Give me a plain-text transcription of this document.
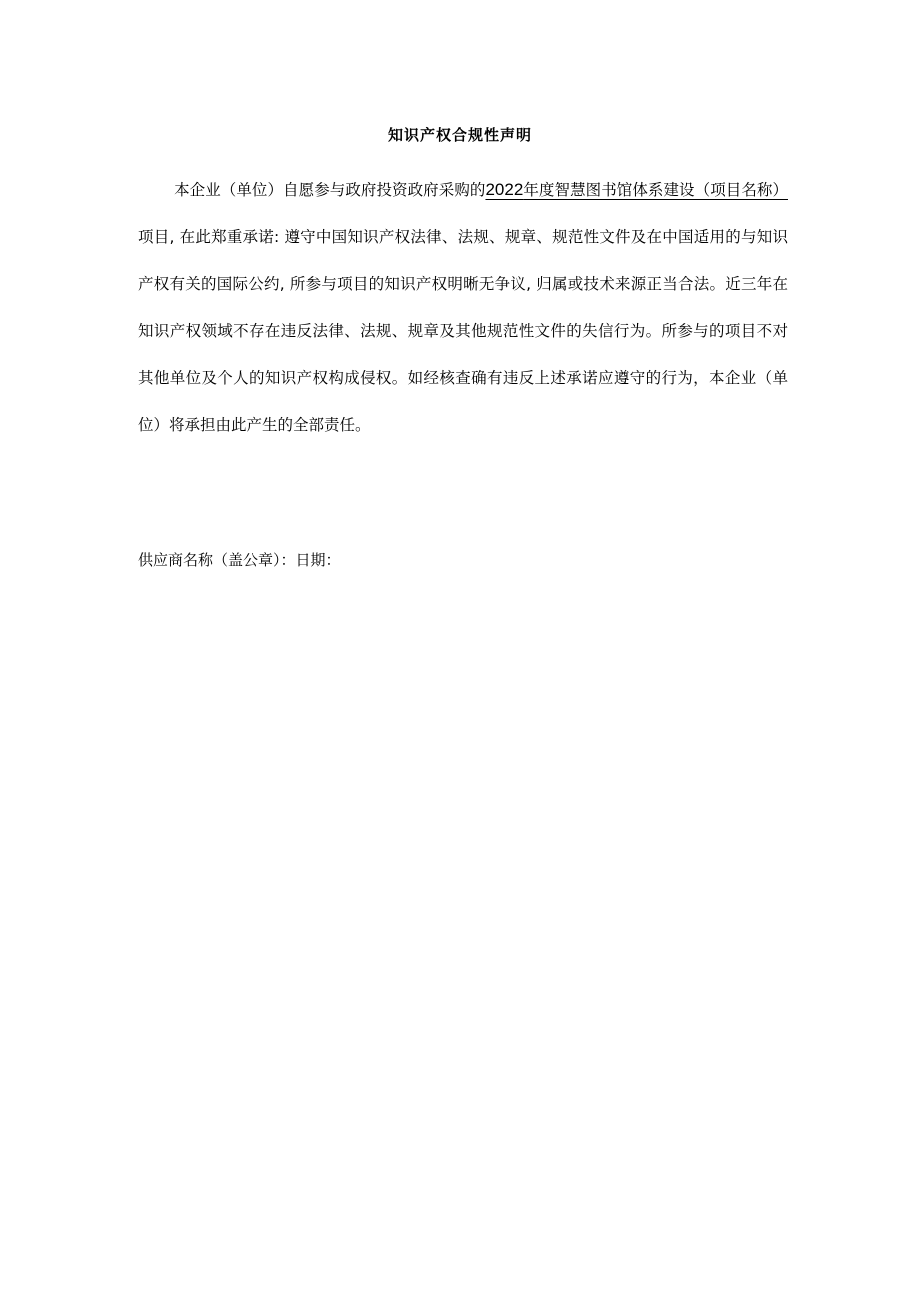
知识产权合规性声明
本企业（单位）自愿参与政府投资政府采购的2022年度智慧图书馆体系建设（项目名称）项目, 在此郑重承诺: 遵守中国知识产权法律、法规、规章、规范性文件及在中国适用的与知识产权有关的国际公约, 所参与项目的知识产权明晰无争议, 归属或技术来源正当合法。近三年在知识产权领域不存在违反法律、法规、规章及其他规范性文件的失信行为。所参与的项目不对其他单位及个人的知识产权构成侵权。如经核查确有违反上述承诺应遵守的行为，本企业（单位）将承担由此产生的全部责任。
供应商名称（盖公章）：日期：
